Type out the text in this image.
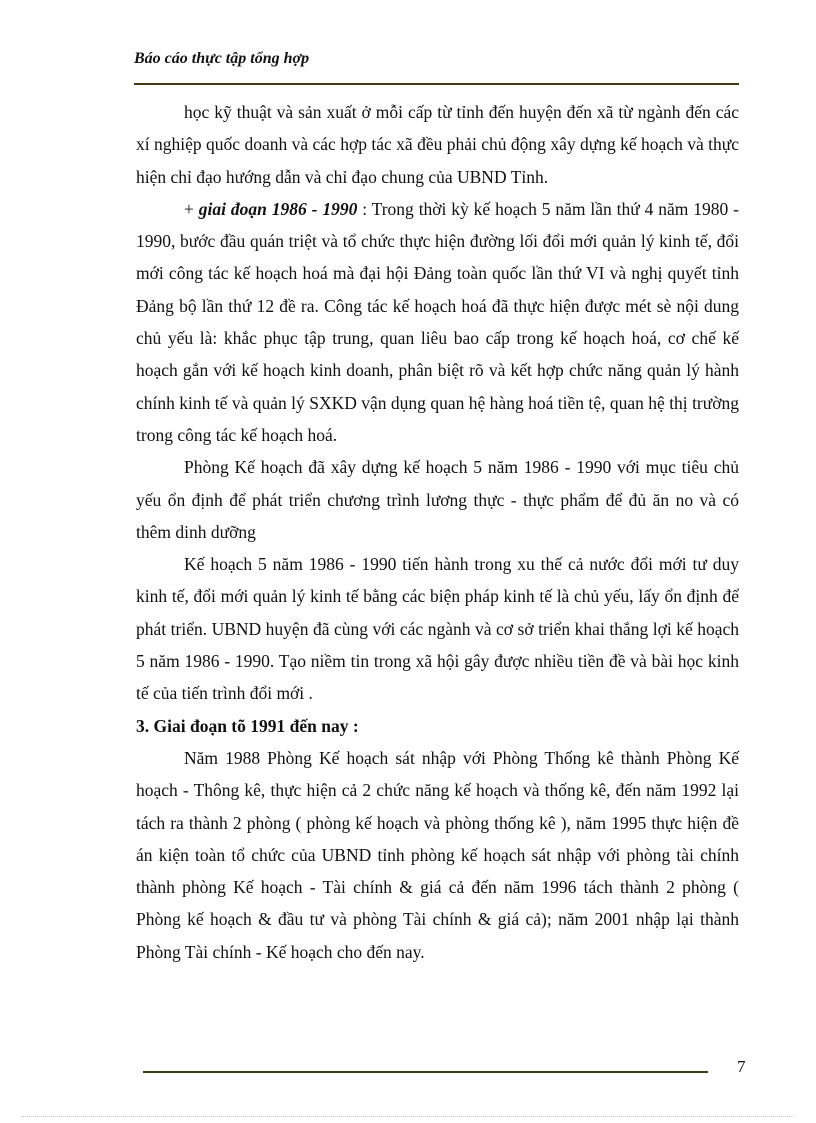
Báo cáo thực tập tổng hợp

học kỹ thuật và sản xuất ở mỗi cấp từ tỉnh đến huyện đến xã từ ngành đến các xí nghiệp quốc doanh và các hợp tác xã đều phải chủ động xây dựng kế hoạch và thực hiện chỉ đạo hướng dẫn và chỉ đạo chung của UBND Tỉnh.

+ giai đoạn 1986 - 1990 : Trong thời kỳ kế hoạch 5 năm lần thứ 4 năm 1980 - 1990, bước đầu quán triệt và tổ chức thực hiện đường lối đổi mới quản lý kinh tế, đổi mới công tác kế hoạch hoá mà đại hội Đảng toàn quốc lần thứ VI và nghị quyết tỉnh Đảng bộ lần thứ 12 đề ra. Công tác kế hoạch hoá đã thực hiện được mét sè nội dung chủ yếu là: khắc phục tập trung, quan liêu bao cấp trong kế hoạch hoá, cơ chế kế hoạch gắn với kế hoạch kinh doanh, phân biệt rõ và kết hợp chức năng quản lý hành chính kinh tế và quản lý SXKD vận dụng quan hệ hàng hoá tiền tệ, quan hệ thị trường trong công tác kế hoạch hoá.

Phòng Kế hoạch đã xây dựng kế hoạch 5 năm 1986 - 1990 với mục tiêu chủ yếu ổn định để phát triển chương trình lương thực - thực phẩm để đủ ăn no và có thêm dinh dưỡng

Kế hoạch 5 năm 1986 - 1990 tiến hành trong xu thế cả nước đổi mới tư duy kinh tế, đổi mới quản lý kinh tế bằng các biện pháp kinh tế là chủ yếu, lấy ổn định để phát triển. UBND huyện đã cùng với các ngành và cơ sở triển khai thắng lợi kế hoạch 5 năm 1986 - 1990. Tạo niềm tin trong xã hội gây được nhiều tiền đề và bài học kinh tế của tiến trình đổi mới .

3. Giai đoạn tõ 1991 đến nay :

Năm 1988 Phòng Kế hoạch sát nhập với Phòng Thống kê thành Phòng Kế hoạch - Thông kê, thực hiện cả 2 chức năng kế hoạch và thống kê, đến năm 1992 lại tách ra thành 2 phòng ( phòng kế hoạch và phòng thống kê ), năm 1995 thực hiện đề án kiện toàn tổ chức của UBND tỉnh phòng kế hoạch sát nhập với phòng tài chính thành phòng Kế hoạch - Tài chính & giá cả đến năm 1996 tách thành 2 phòng ( Phòng kế hoạch & đầu tư và phòng Tài chính & giá cả); năm 2001 nhập lại thành Phòng Tài chính - Kế hoạch cho đến nay.

7
